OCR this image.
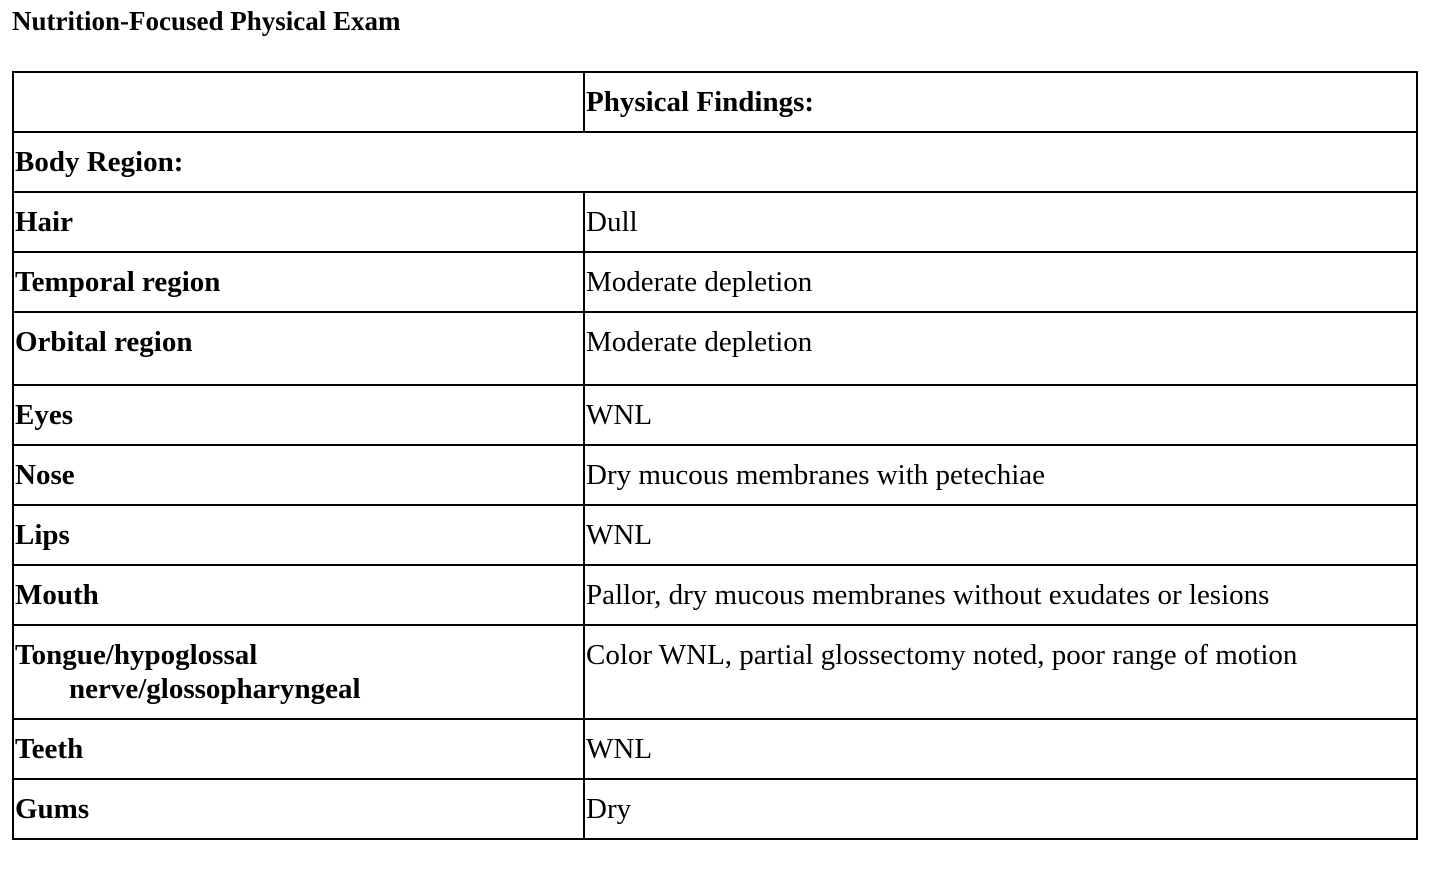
Nutrition-Focused Physical Exam
	Physical Findings:
Body Region:	
Hair	Dull
Temporal region	Moderate depletion
Orbital region	Moderate depletion
Eyes	WNL
Nose	Dry mucous membranes with petechiae
Lips	WNL
Mouth	Pallor, dry mucous membranes without exudates or lesions
Tongue/hypoglossal
nerve/glossopharyngeal	Color WNL, partial glossectomy noted, poor range of motion
Teeth	WNL
Gums	Dry
